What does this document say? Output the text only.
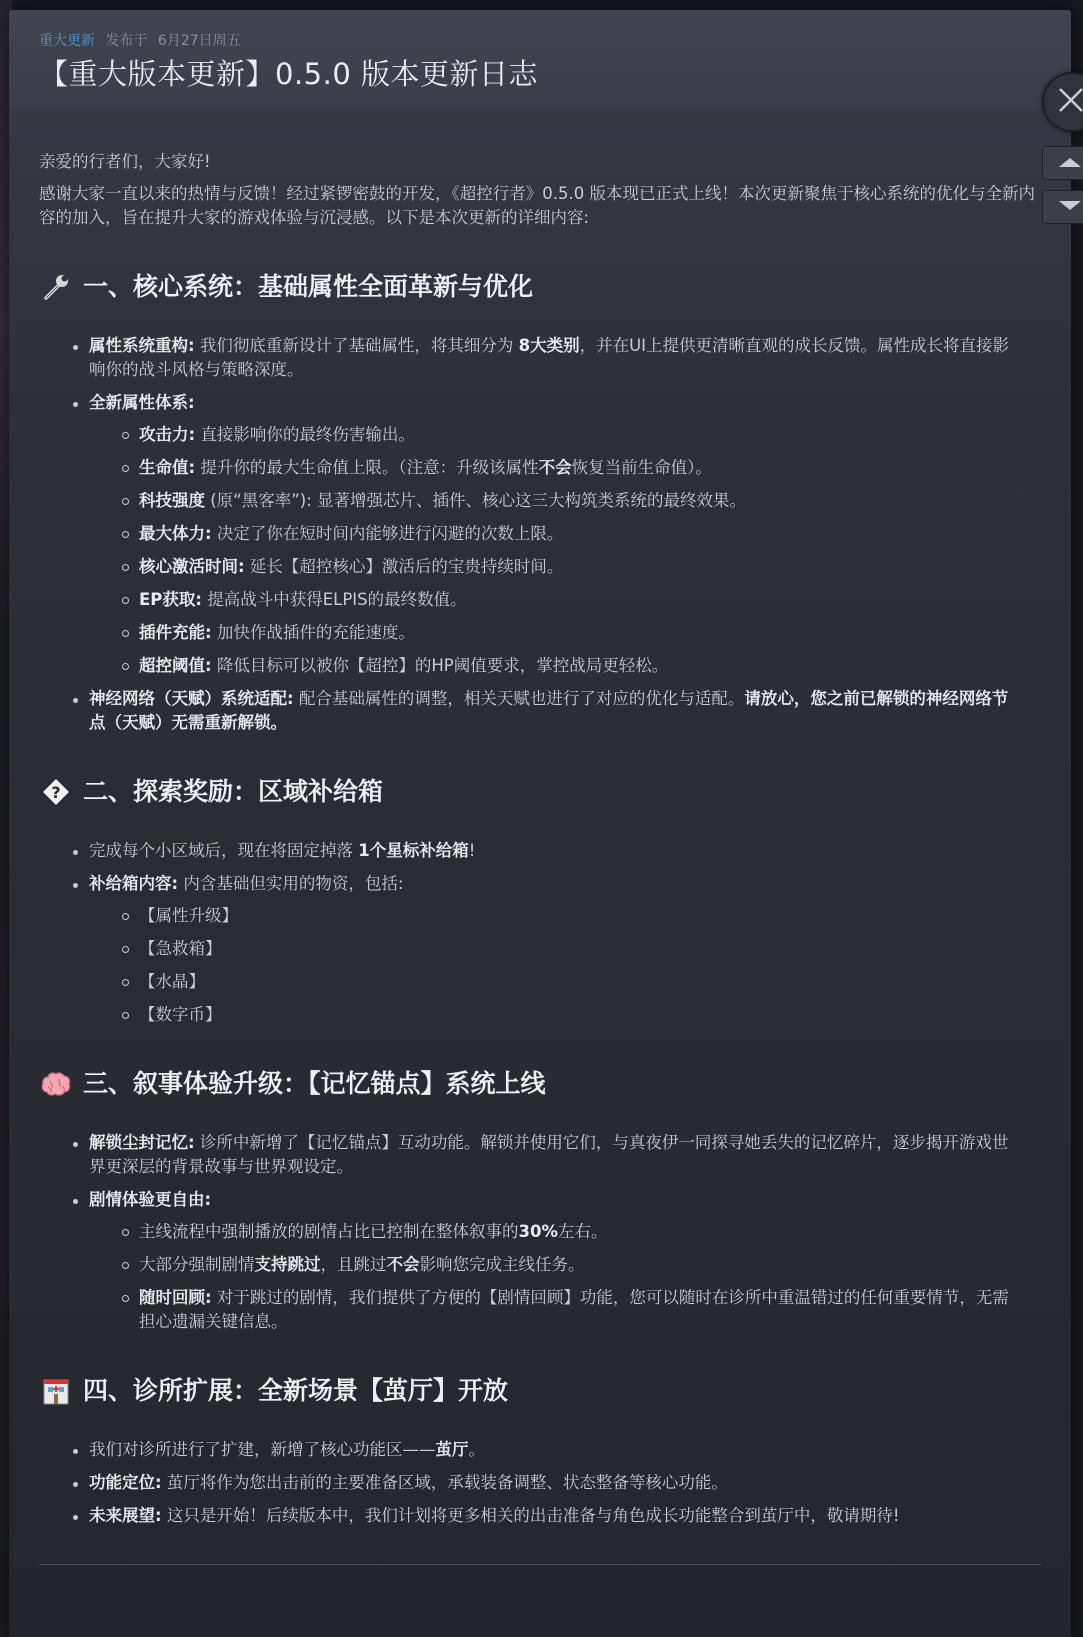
重大更新 发布于 6月27日周五
【重大版本更新】0.5.0 版本更新日志

亲爱的行者们，大家好!

感谢大家一直以来的热情与反馈！经过紧锣密鼓的开发，《超控行者》0.5.0 版本现已正式上线！本次更新聚焦于核心系统的优化与全新内容的加入，旨在提升大家的游戏体验与沉浸感。以下是本次更新的详细内容:

一、核心系统：基础属性全面革新与优化
属性系统重构: 我们彻底重新设计了基础属性，将其细分为 8大类别，并在UI上提供更清晰直观的成长反馈。属性成长将直接影响你的战斗风格与策略深度。
全新属性体系:
攻击力: 直接影响你的最终伤害输出。
生命值: 提升你的最大生命值上限。（注意：升级该属性不会恢复当前生命值）。
科技强度 (原“黑客率”): 显著增强芯片、插件、核心这三大构筑类系统的最终效果。
最大体力: 决定了你在短时间内能够进行闪避的次数上限。
核心激活时间: 延长【超控核心】激活后的宝贵持续时间。
EP获取: 提高战斗中获得ELPIS的最终数值。
插件充能: 加快作战插件的充能速度。
超控阈值: 降低目标可以被你【超控】的HP阈值要求，掌控战局更轻松。
神经网络（天赋）系统适配: 配合基础属性的调整，相关天赋也进行了对应的优化与适配。请放心，您之前已解锁的神经网络节点（天赋）无需重新解锁。
? 二、探索奖励：区域补给箱
完成每个小区域后，现在将固定掉落 1个星标补给箱!
补给箱内容: 内含基础但实用的物资，包括:
【属性升级】
【急救箱】
【水晶】
【数字币】
三、叙事体验升级：【记忆锚点】系统上线
解锁尘封记忆: 诊所中新增了【记忆锚点】互动功能。解锁并使用它们，与真夜伊一同探寻她丢失的记忆碎片，逐步揭开游戏世界更深层的背景故事与世界观设定。
剧情体验更自由:
主线流程中强制播放的剧情占比已控制在整体叙事的30%左右。
大部分强制剧情支持跳过，且跳过不会影响您完成主线任务。
随时回顾: 对于跳过的剧情，我们提供了方便的【剧情回顾】功能，您可以随时在诊所中重温错过的任何重要情节，无需担心遗漏关键信息。
四、诊所扩展：全新场景【茧厅】开放
我们对诊所进行了扩建，新增了核心功能区——茧厅。
功能定位: 茧厅将作为您出击前的主要准备区域，承载装备调整、状态整备等核心功能。
未来展望: 这只是开始！后续版本中，我们计划将更多相关的出击准备与角色成长功能整合到茧厅中，敬请期待!
